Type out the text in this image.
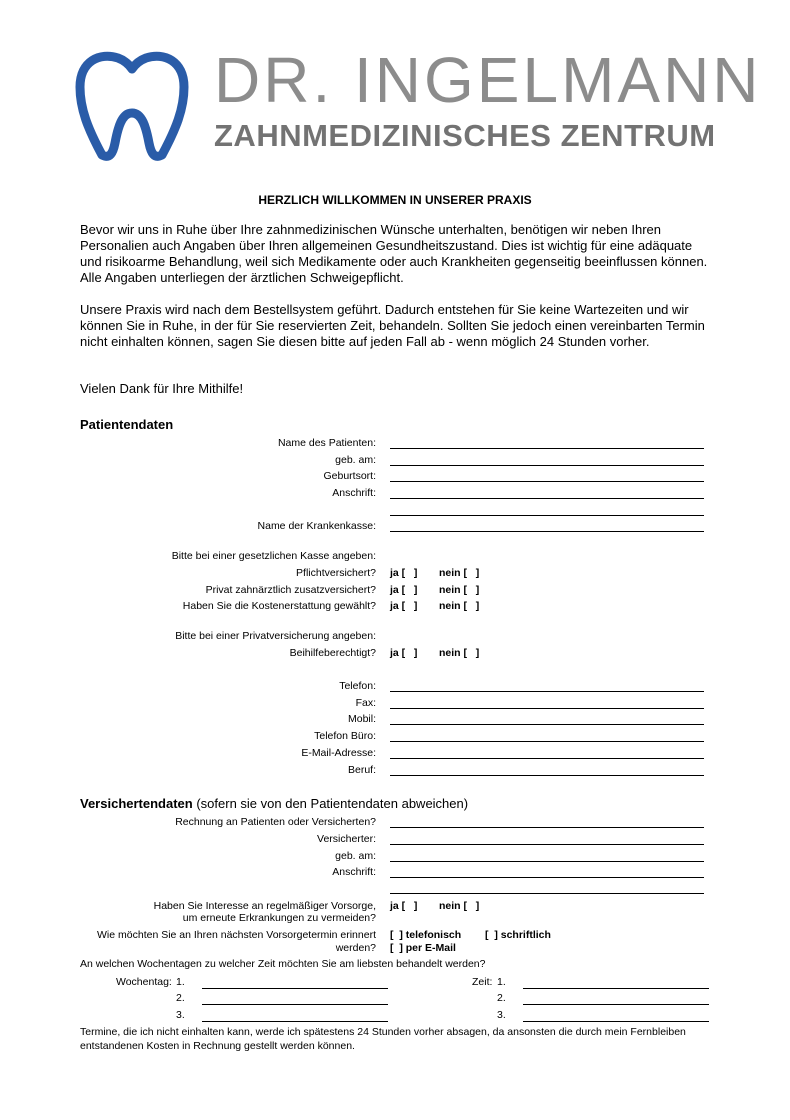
DR. INGELMANN
ZAHNMEDIZINISCHES ZENTRUM
HERZLICH WILLKOMMEN IN UNSERER PRAXIS
Bevor wir uns in Ruhe über Ihre zahnmedizinischen Wünsche unterhalten, benötigen wir neben Ihren Personalien auch Angaben über Ihren allgemeinen Gesundheitszustand. Dies ist wichtig für eine adäquate und risikoarme Behandlung, weil sich Medikamente oder auch Krankheiten gegenseitig beeinflussen können. Alle Angaben unterliegen der ärztlichen Schweigepflicht.
Unsere Praxis wird nach dem Bestellsystem geführt. Dadurch entstehen für Sie keine Wartezeiten und wir können Sie in Ruhe, in der für Sie reservierten Zeit, behandeln. Sollten Sie jedoch einen vereinbarten Termin nicht einhalten können, sagen Sie diesen bitte auf jeden Fall ab - wenn möglich 24 Stunden vorher.
Vielen Dank für Ihre Mithilfe!
Patientendaten
Name des Patienten:
geb. am:
Geburtsort:
Anschrift:
Name der Krankenkasse:
Bitte bei einer gesetzlichen Kasse angeben:
Pflichtversichert? ja [   ] nein [   ]
Privat zahnärztlich zusatzversichert? ja [   ] nein [   ]
Haben Sie die Kostenerstattung gewählt? ja [   ] nein [   ]
Bitte bei einer Privatversicherung angeben:
Beihilfeberechtigt? ja [   ] nein [   ]
Telefon:
Fax:
Mobil:
Telefon Büro:
E-Mail-Adresse:
Beruf:
Versichertendaten (sofern sie von den Patientendaten abweichen)
Rechnung an Patienten oder Versicherten?
Versicherter:
geb. am:
Anschrift:
Haben Sie Interesse an regelmäßiger Vorsorge, ja [   ] nein [   ]
um erneute Erkrankungen zu vermeiden?
Wie möchten Sie an Ihren nächsten Vorsorgetermin erinnert [  ] telefonisch [  ] schriftlich
werden? [  ] per E-Mail
An welchen Wochentagen zu welcher Zeit möchten Sie am liebsten behandelt werden?
Wochentag: 1.	Zeit: 1.
2.	2.
3.	3.
Termine, die ich nicht einhalten kann, werde ich spätestens 24 Stunden vorher absagen, da ansonsten die durch mein Fernbleiben entstandenen Kosten in Rechnung gestellt werden können.
